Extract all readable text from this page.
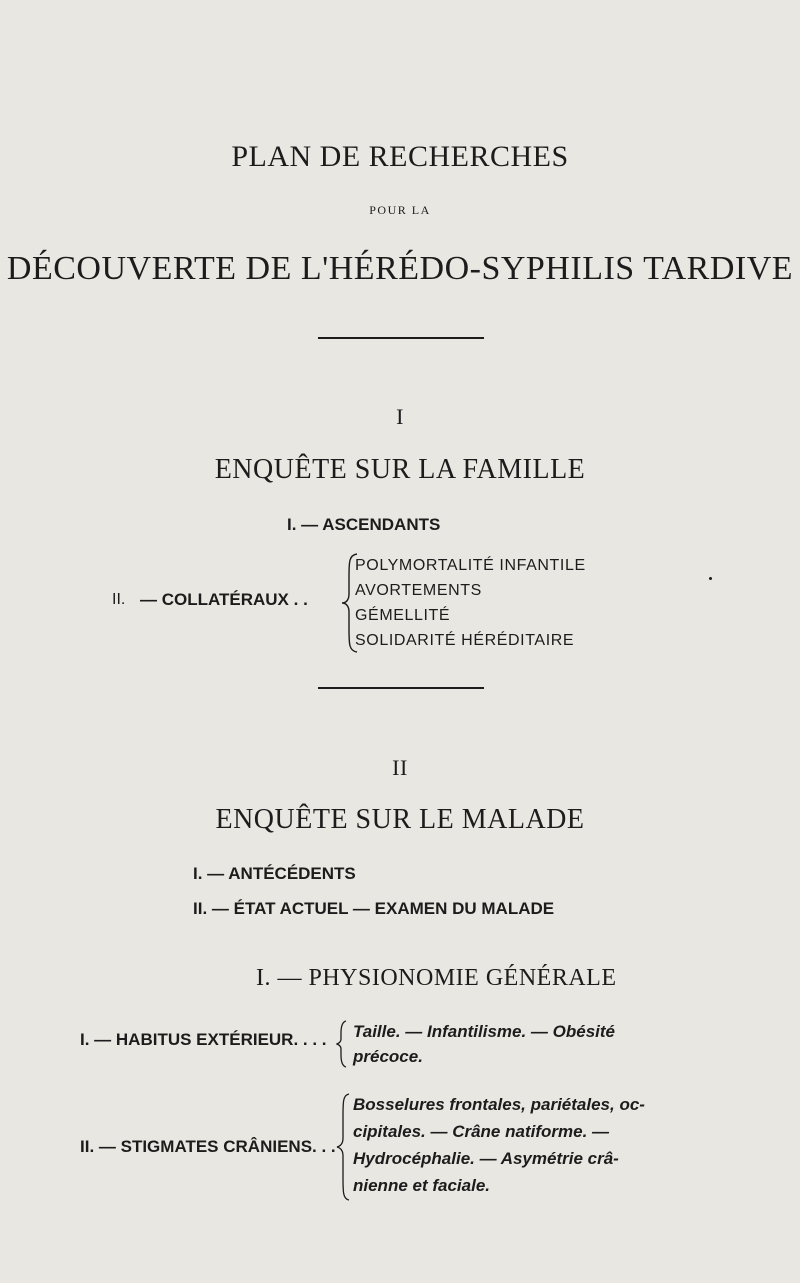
PLAN DE RECHERCHES
POUR LA
DÉCOUVERTE DE L'HÉRÉDO-SYPHILIS TARDIVE
I
ENQUÊTE SUR LA FAMILLE
I. — ASCENDANTS
II. — COLLATÉRAUX . .
POLYMORTALITÉ INFANTILE
AVORTEMENTS
GÉMELLITÉ
SOLIDARITÉ HÉRÉDITAIRE
II
ENQUÊTE SUR LE MALADE
I. — ANTÉCÉDENTS
II. — ÉTAT ACTUEL — EXAMEN DU MALADE
I. — PHYSIONOMIE GÉNÉRALE
I. — HABITUS EXTÉRIEUR. . . . Taille. — Infantilisme. — Obésité
précoce.
II. — STIGMATES CRÂNIENS. . .
Bosselures frontales, pariétales, oc-
cipitales. — Crâne natiforme. —
Hydrocéphalie. — Asymétrie crâ-
nienne et faciale.
